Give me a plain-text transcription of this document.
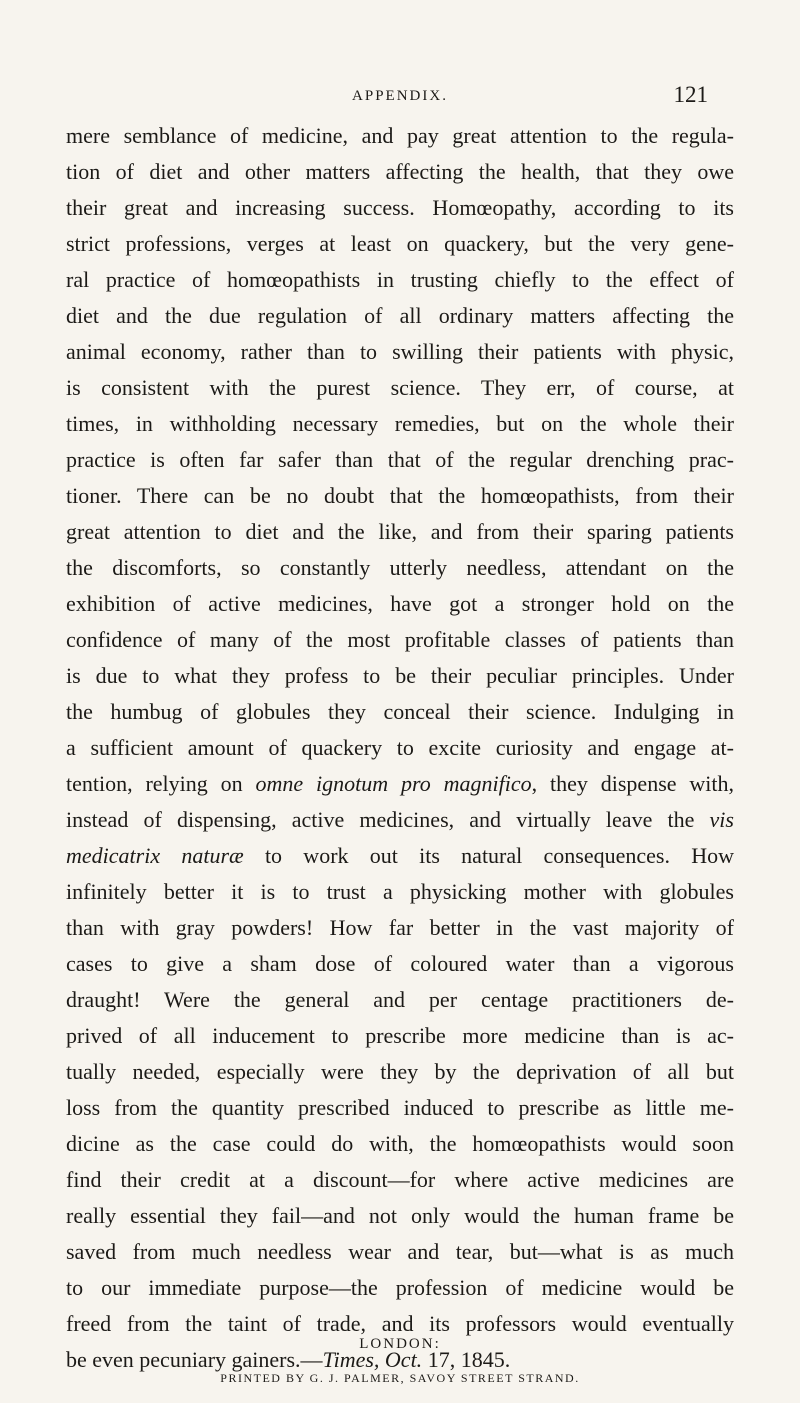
APPENDIX.	121
mere semblance of medicine, and pay great attention to the regula-
tion of diet and other matters affecting the health, that they owe
their great and increasing success. Homœopathy, according to its
strict professions, verges at least on quackery, but the very gene-
ral practice of homœopathists in trusting chiefly to the effect of
diet and the due regulation of all ordinary matters affecting the
animal economy, rather than to swilling their patients with physic,
is consistent with the purest science. They err, of course, at
times, in withholding necessary remedies, but on the whole their
practice is often far safer than that of the regular drenching prac-
tioner. There can be no doubt that the homœopathists, from their
great attention to diet and the like, and from their sparing patients
the discomforts, so constantly utterly needless, attendant on the
exhibition of active medicines, have got a stronger hold on the
confidence of many of the most profitable classes of patients than
is due to what they profess to be their peculiar principles. Under
the humbug of globules they conceal their science. Indulging in
a sufficient amount of quackery to excite curiosity and engage at-
tention, relying on omne ignotum pro magnifico, they dispense with,
instead of dispensing, active medicines, and virtually leave the vis
medicatrix naturæ to work out its natural consequences. How
infinitely better it is to trust a physicking mother with globules
than with gray powders! How far better in the vast majority of
cases to give a sham dose of coloured water than a vigorous
draught! Were the general and per centage practitioners de-
prived of all inducement to prescribe more medicine than is ac-
tually needed, especially were they by the deprivation of all but
loss from the quantity prescribed induced to prescribe as little me-
dicine as the case could do with, the homœopathists would soon
find their credit at a discount—for where active medicines are
really essential they fail—and not only would the human frame be
saved from much needless wear and tear, but—what is as much
to our immediate purpose—the profession of medicine would be
freed from the taint of trade, and its professors would eventually
be even pecuniary gainers.—Times, Oct. 17, 1845.
LONDON:
PRINTED BY G. J. PALMER, SAVOY STREET STRAND.
